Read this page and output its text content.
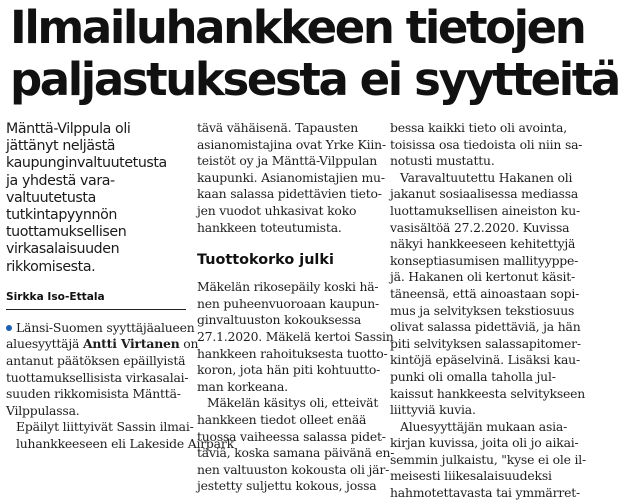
Ilmailuhankkeen tietojen
paljastuksesta ei syytteitä
Mänttä-Vilppula oli
jättänyt neljästä
kaupunginvaltuutetusta
ja yhdestä vara-
valtuutetusta
tutkintapyynnön
tuottamuksellisen
virkasalaisuuden
rikkomisesta.
Sirkka Iso-Ettala

Länsi-Suomen syyttäjäalueen
aluesyyttäjä Antti Virtanen on
antanut päätöksen epäillyistä
tuottamuksellisista virkasalai-
suuden rikkomisista Mänttä-
Vilppulassa.

Epäilyt liittyivät Sassin ilmai-
luhankkeeseen eli Lakeside Airpark

tävä vähäisenä. Tapausten
asianomistajina ovat Yrke Kiin-
teistöt oy ja Mänttä-Vilppulan
kaupunki. Asianomistajien mu-
kaan salassa pidettävien tieto-
jen vuodot uhkasivat koko
hankkeen toteutumista.

Tuottokorko julki

Mäkelän rikosepäily koski hä-
nen puheenvuoroaan kaupun-
ginvaltuuston kokouksessa
27.1.2020. Mäkelä kertoi Sassin
hankkeen rahoituksesta tuotto-
koron, jota hän piti kohtuutto-
man korkeana.

Mäkelän käsitys oli, etteivät
hankkeen tiedot olleet enää
tuossa vaiheessa salassa pidet-
täviä, koska samana päivänä en-
nen valtuuston kokousta oli jär-
jestetty suljettu kokous, jossa

bessa kaikki tieto oli avointa,
toisissa osa tiedoista oli niin sa-
notusti mustattu.

Varavaltuutettu Hakanen oli
jakanut sosiaalisessa mediassa
luottamuksellisen aineiston ku-
vasisältöä 27.2.2020. Kuvissa
näkyi hankkeeseen kehitettyjä
konseptiasumisen mallityyppe-
jä. Hakanen oli kertonut käsit-
täneensä, että ainoastaan sopi-
mus ja selvityksen tekstiosuus
olivat salassa pidettäviä, ja hän
piti selvityksen salassapitomer-
kintöjä epäselvinä. Lisäksi kau-
punki oli omalla taholla jul-
kaissut hankkeesta selvitykseen
liittyviä kuvia.

Aluesyyttäjän mukaan asia-
kirjan kuvissa, joita oli jo aikai-
semmin julkaistu, "kyse ei ole il-
meisesti liikesalaisuudeksi
hahmotettavasta tai ymmärret-
